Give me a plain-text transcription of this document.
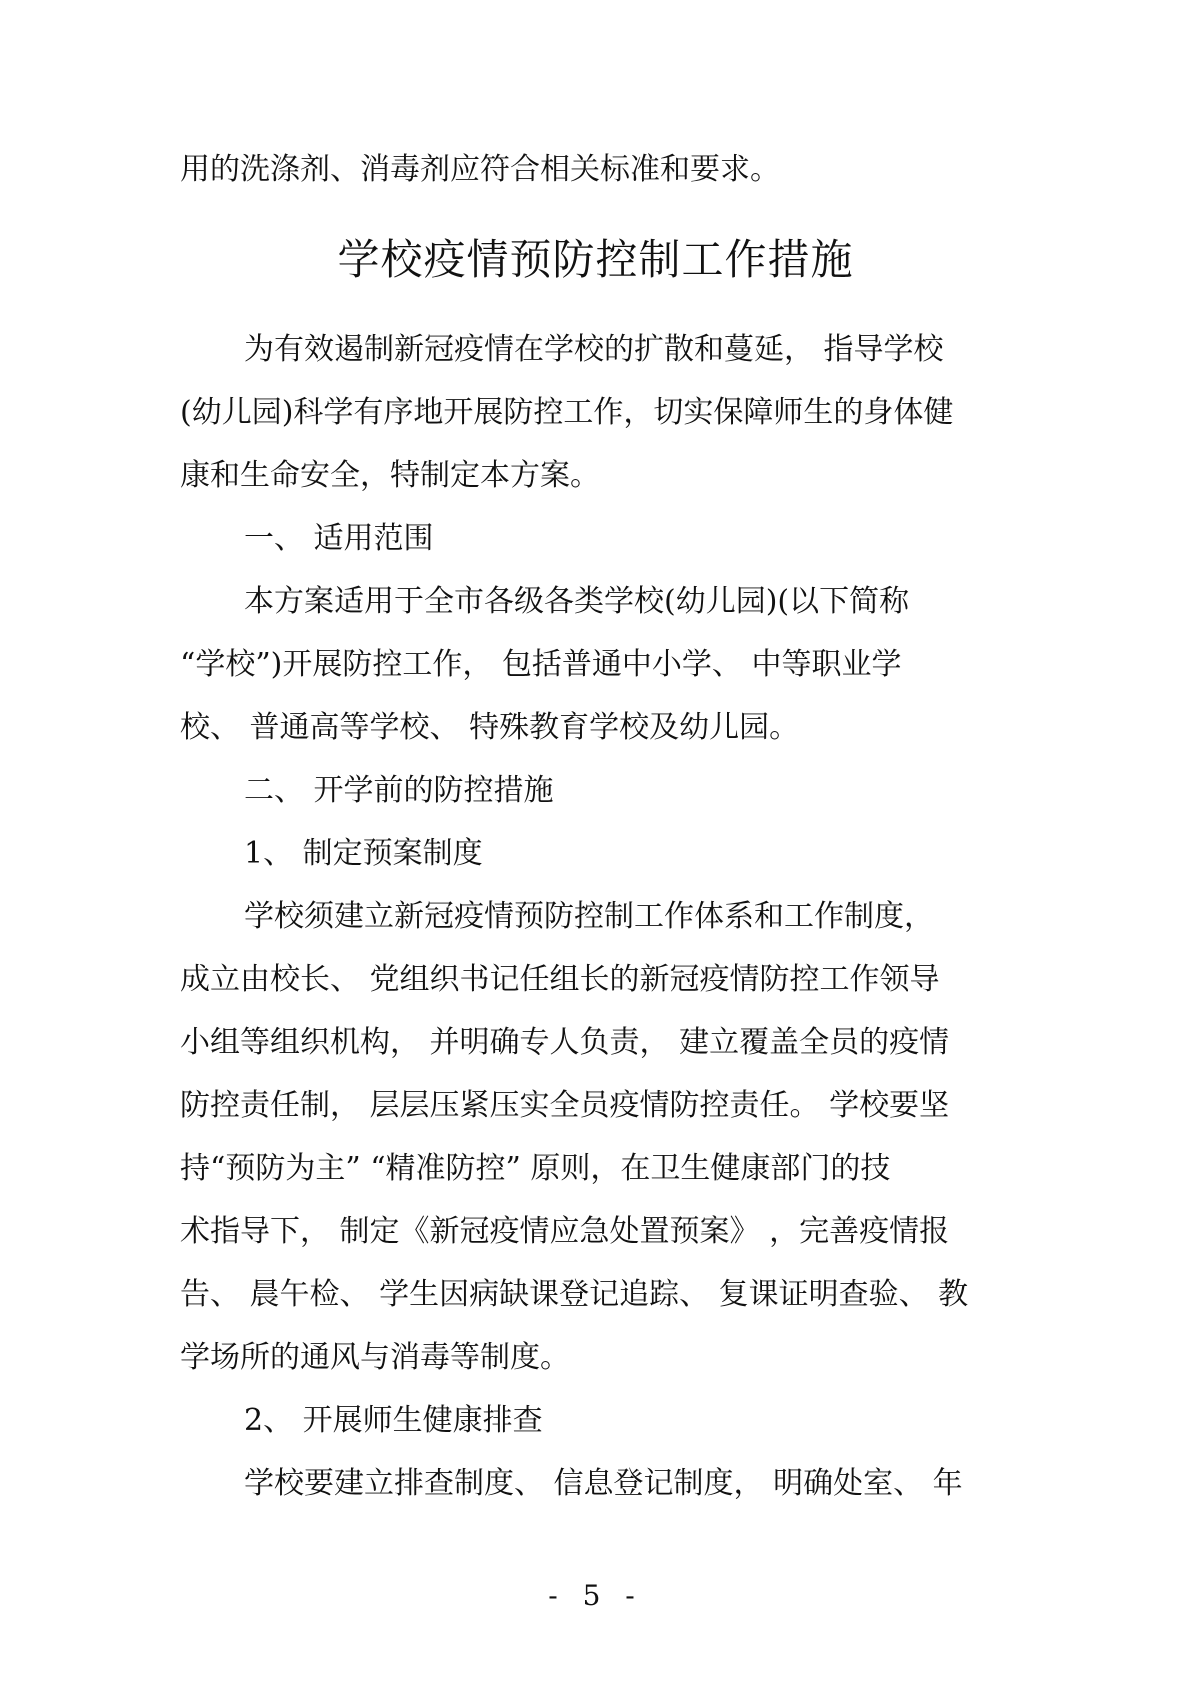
用的洗涤剂、消毒剂应符合相关标准和要求。
学校疫情预防控制工作措施
为有效遏制新冠疫情在学校的扩散和蔓延， 指导学校
(幼儿园)科学有序地开展防控工作，切实保障师生的身体健
康和生命安全，特制定本方案。
一、 适用范围
本方案适用于全市各级各类学校(幼儿园)(以下简称
“学校”)开展防控工作， 包括普通中小学、 中等职业学
校、 普通高等学校、 特殊教育学校及幼儿园。
二、 开学前的防控措施
1、 制定预案制度
学校须建立新冠疫情预防控制工作体系和工作制度，
成立由校长、 党组织书记任组长的新冠疫情防控工作领导
小组等组织机构， 并明确专人负责， 建立覆盖全员的疫情
防控责任制， 层层压紧压实全员疫情防控责任。 学校要坚
持“预防为主” “精准防控” 原则，在卫生健康部门的技
术指导下， 制定《新冠疫情应急处置预案》 ，完善疫情报
告、 晨午检、 学生因病缺课登记追踪、 复课证明查验、 教
学场所的通风与消毒等制度。
2、 开展师生健康排查
学校要建立排查制度、 信息登记制度， 明确处室、 年
- 5 -
